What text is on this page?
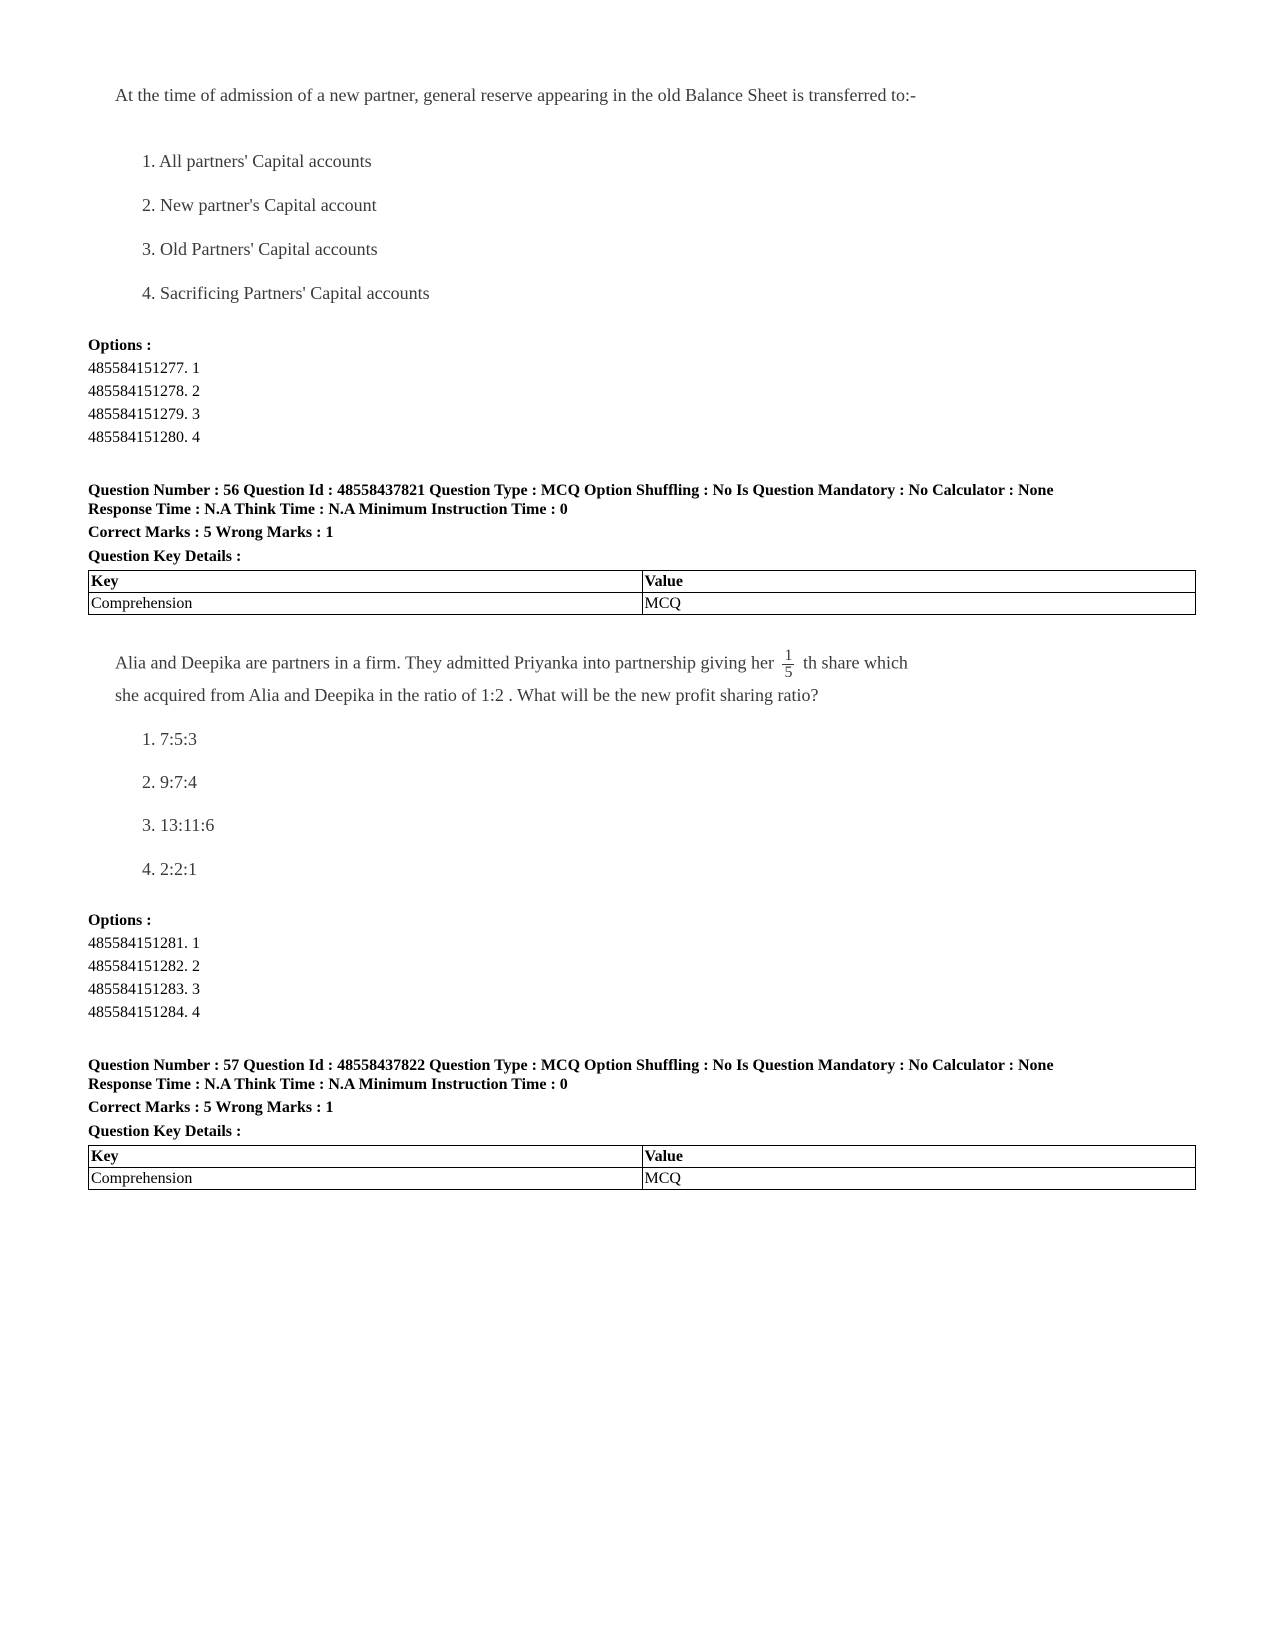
At the time of admission of a new partner, general reserve appearing in the old Balance Sheet is transferred to:-
1. All partners' Capital accounts
2. New partner's Capital account
3. Old Partners' Capital accounts
4. Sacrificing Partners' Capital accounts
Options :
485584151277. 1
485584151278. 2
485584151279. 3
485584151280. 4
Question Number : 56 Question Id : 48558437821 Question Type : MCQ Option Shuffling : No Is Question Mandatory : No Calculator : None
Response Time : N.A Think Time : N.A Minimum Instruction Time : 0
Correct Marks : 5 Wrong Marks : 1
Question Key Details :
Key	Value
Comprehension	MCQ
Alia and Deepika are partners in a firm. They admitted Priyanka into partnership giving her $\frac{1}{5}$ th share which
she acquired from Alia and Deepika in the ratio of 1:2 . What will be the new profit sharing ratio?
1. 7:5:3
2. 9:7:4
3. 13:11:6
4. 2:2:1
Options :
485584151281. 1
485584151282. 2
485584151283. 3
485584151284. 4
Question Number : 57 Question Id : 48558437822 Question Type : MCQ Option Shuffling : No Is Question Mandatory : No Calculator : None
Response Time : N.A Think Time : N.A Minimum Instruction Time : 0
Correct Marks : 5 Wrong Marks : 1
Question Key Details :
Key	Value
Comprehension	MCQ
